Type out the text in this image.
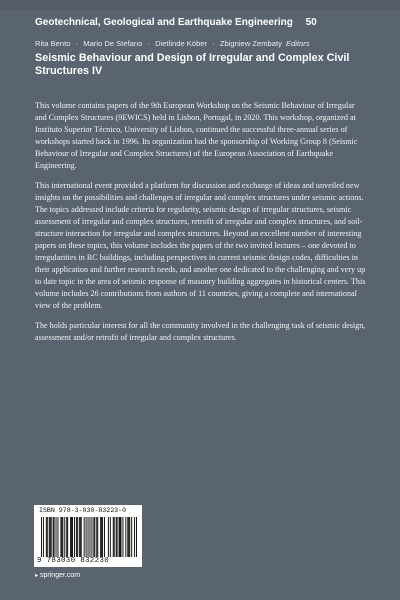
Geotechnical, Geological and Earthquake Engineering 50
Rita Bento · Mario De Stefano · Dietlinde Köber · Zbigniew Zembaty Editors
Seismic Behaviour and Design of Irregular and Complex Civil
Structures IV

This volume contains papers of the 9th European Workshop on the Seismic Behaviour of Irregular and Complex Structures (9EWICS) held in Lisbon, Portugal, in 2020. This workshop, organized at Instituto Superior Técnico, University of Lisbon, continued the successful three-annual series of workshops started back in 1996. Its organization had the sponsorship of Working Group 8 (Seismic Behaviour of Irregular and Complex Structures) of the European Association of Earthquake Engineering.

This international event provided a platform for discussion and exchange of ideas and unveiled new insights on the possibilities and challenges of irregular and complex structures under seismic actions. The topics addressed include criteria for regularity, seismic design of irregular structures, seismic assessment of irregular and complex structures, retrofit of irregular and complex structures, and soil-structure interaction for irregular and complex structures. Beyond an excellent number of interesting papers on these topics, this volume includes the papers of the two invited lectures – one devoted to irregularities in RC buildings, including perspectives in current seismic design codes, difficulties in their application and further research needs, and another one dedicated to the challenging and very up to date topic in the area of seismic response of masonry building aggregates in historical centers. This volume includes 26 contributions from authors of 11 countries, giving a complete and international view of the problem.

The holds particular interest for all the community involved in the challenging task of seismic design, assessment and/or retrofit of irregular and complex structures.

ISBN 978-3-030-83223-0
9 783030 832230
▸ springer.com
